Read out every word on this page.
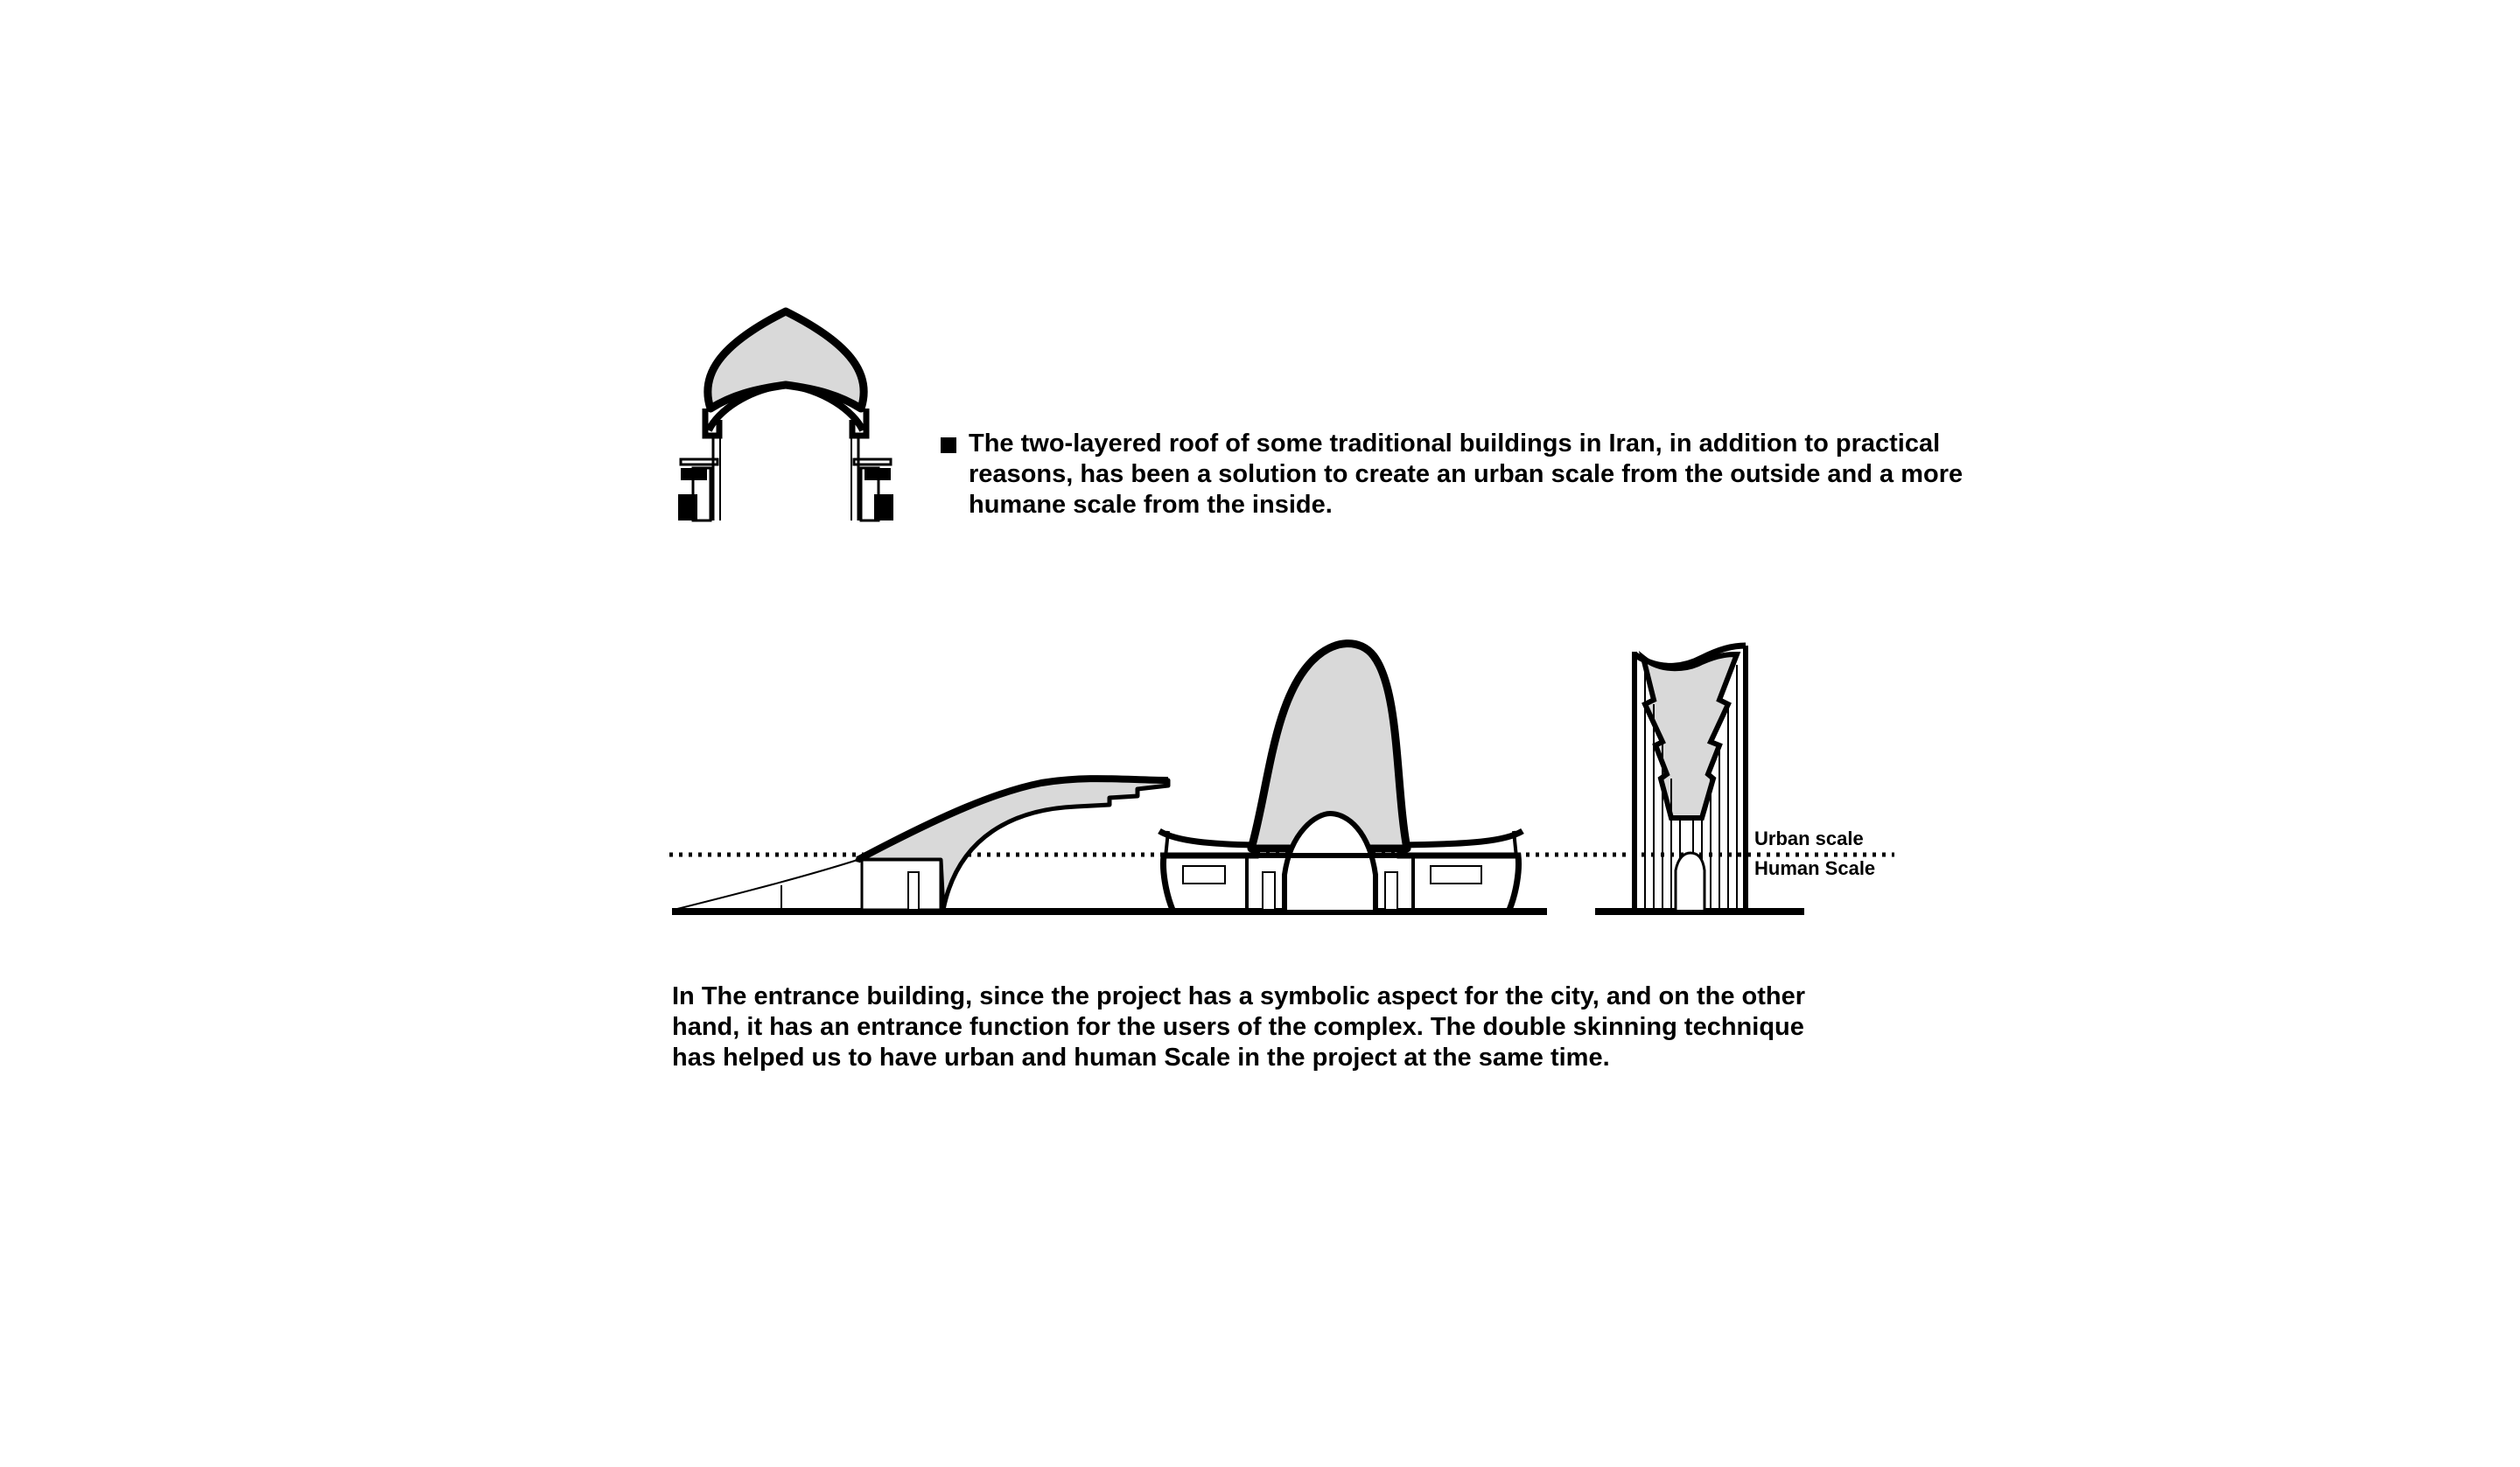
The two-layered roof of some traditional buildings in Iran, in addition to practical reasons, has been a solution to create an urban scale from the outside and a more humane scale from the inside.

Urban scale
Human Scale

In The entrance building, since the project has a symbolic aspect for the city, and on the other
hand, it has an entrance function for the users of the complex. The double skinning technique
has helped us to have urban and human Scale in the project at the same time.
